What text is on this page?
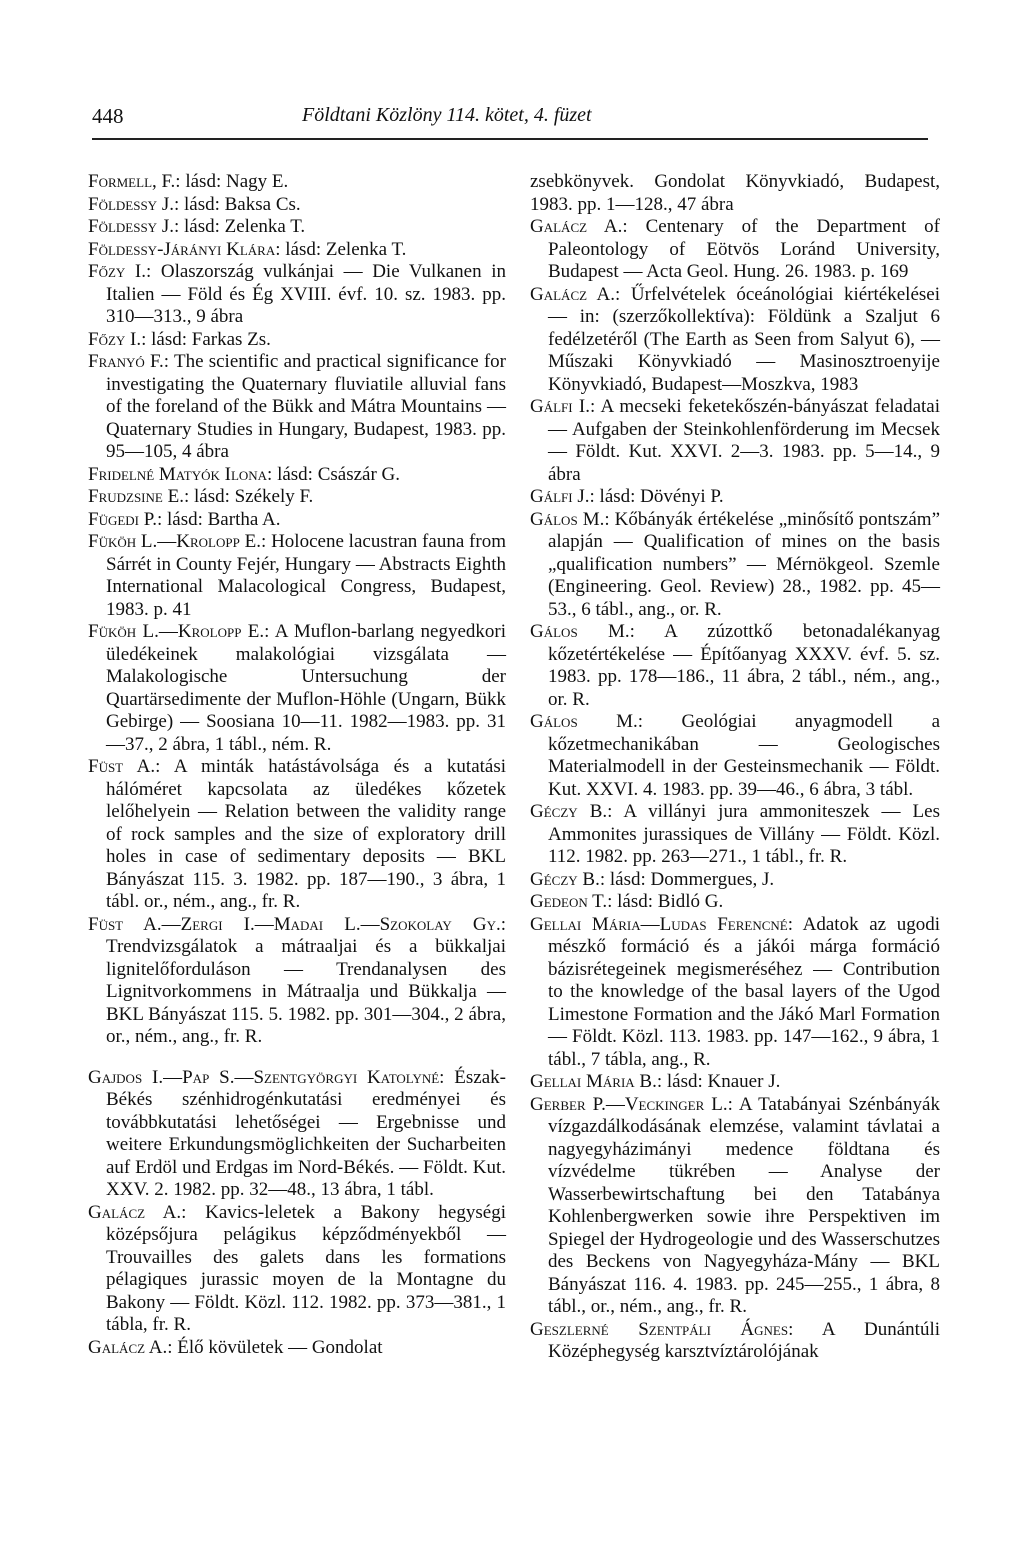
448	Földtani Közlöny 114. kötet, 4. füzet

Formell, F.: lásd: Nagy E.

Földessy J.: lásd: Baksa Cs.

Földessy J.: lásd: Zelenka T.

Földessy-Járányi Klára: lásd: Zelenka T.

Főzy I.: Olaszország vulkánjai — Die Vulkanen in Italien — Föld és Ég XVIII. évf. 10. sz. 1983. pp. 310—313., 9 ábra

Főzy I.: lásd: Farkas Zs.

Franyó F.: The scientific and practical significance for investigating the Quaternary fluviatile alluvial fans of the foreland of the Bükk and Mátra Mountains — Quaternary Studies in Hungary, Budapest, 1983. pp. 95—105, 4 ábra

Fridelné Matyók Ilona: lásd: Császár G.

Frudzsine E.: lásd: Székely F.

Fügedi P.: lásd: Bartha A.

Füköh L.—Krolopp E.: Holocene lacustran fauna from Sárrét in County Fejér, Hungary — Abstracts Eighth International Malacological Congress, Budapest, 1983. p. 41

Füköh L.—Krolopp E.: A Muflon-barlang negyedkori üledékeinek malakológiai vizsgálata — Malakologische Untersuchung der Quartärsedimente der Muflon-Höhle (Ungarn, Bükk Gebirge) — Soosiana 10—11. 1982—1983. pp. 31—37., 2 ábra, 1 tábl., ném. R.

Füst A.: A minták hatástávolsága és a kutatási hálóméret kapcsolata az üledékes kőzetek lelőhelyein — Relation between the validity range of rock samples and the size of exploratory drill holes in case of sedimentary deposits — BKL Bányászat 115. 3. 1982. pp. 187—190., 3 ábra, 1 tábl. or., ném., ang., fr. R.

Füst A.—Zergi I.—Madai L.—Szokolay Gy.: Trendvizsgálatok a mátraaljai és a bükkaljai lignitelőforduláson — Trendanalysen des Lignitvorkommens in Mátraalja und Bükkalja — BKL Bányászat 115. 5. 1982. pp. 301—304., 2 ábra, or., ném., ang., fr. R.

Gajdos I.—Pap S.—Szentgyörgyi Katolyné: Észak-Békés szénhidrogénkutatási eredményei és továbbkutatási lehetőségei — Ergebnisse und weitere Erkundungsmöglichkeiten der Sucharbeiten auf Erdöl und Erdgas im Nord-Békés. — Földt. Kut. XXV. 2. 1982. pp. 32—48., 13 ábra, 1 tábl.

Galácz A.: Kavics-leletek a Bakony hegységi középsőjura pelágikus képződményekből — Trouvailles des galets dans les formations pélagiques jurassic moyen de la Montagne du Bakony — Földt. Közl. 112. 1982. pp. 373—381., 1 tábla, fr. R.

Galácz A.: Élő kövületek — Gondolat

zsebkönyvek. Gondolat Könyvkiadó, Budapest, 1983. pp. 1—128., 47 ábra

Galácz A.: Centenary of the Department of Paleontology of Eötvös Loránd University, Budapest — Acta Geol. Hung. 26. 1983. p. 169

Galácz A.: Űrfelvételek óceánológiai kiértékelései — in: (szerzőkollektíva): Földünk a Szaljut 6 fedélzetéről (The Earth as Seen from Salyut 6), — Műszaki Könyvkiadó — Masinosztroenyije Könyvkiadó, Budapest—Moszkva, 1983

Gálfi I.: A mecseki feketekőszén-bányászat feladatai — Aufgaben der Steinkohlenförderung im Mecsek — Földt. Kut. XXVI. 2—3. 1983. pp. 5—14., 9 ábra

Gálfi J.: lásd: Dövényi P.

Gálos M.: Kőbányák értékelése „minősítő pontszám” alapján — Qualification of mines on the basis „qualification numbers” — Mérnökgeol. Szemle (Engineering. Geol. Review) 28., 1982. pp. 45—53., 6 tábl., ang., or. R.

Gálos M.: A zúzottkő betonadalékanyag kőzetértékelése — Építőanyag XXXV. évf. 5. sz. 1983. pp. 178—186., 11 ábra, 2 tábl., ném., ang., or. R.

Gálos M.: Geológiai anyagmodell a kőzetmechanikában — Geologisches Materialmodell in der Gesteinsmechanik — Földt. Kut. XXVI. 4. 1983. pp. 39—46., 6 ábra, 3 tábl.

Géczy B.: A villányi jura ammoniteszek — Les Ammonites jurassiques de Villány — Földt. Közl. 112. 1982. pp. 263—271., 1 tábl., fr. R.

Géczy B.: lásd: Dommergues, J.

Gedeon T.: lásd: Bidló G.

Gellai Mária—Ludas Ferencné: Adatok az ugodi mészkő formáció és a jákói márga formáció bázisrétegeinek megismeréséhez — Contribution to the knowledge of the basal layers of the Ugod Limestone Formation and the Jákó Marl Formation — Földt. Közl. 113. 1983. pp. 147—162., 9 ábra, 1 tábl., 7 tábla, ang., R.

Gellai Mária B.: lásd: Knauer J.

Gerber P.—Veckinger L.: A Tatabányai Szénbányák vízgazdálkodásának elemzése, valamint távlatai a nagyegyházimányi medence földtana és vízvédelme tükrében — Analyse der Wasserbewirtschaftung bei den Tatabánya Kohlenbergwerken sowie ihre Perspektiven im Spiegel der Hydrogeologie und des Wasserschutzes des Beckens von Nagyegyháza-Mány — BKL Bányászat 116. 4. 1983. pp. 245—255., 1 ábra, 8 tábl., or., ném., ang., fr. R.

Geszlerné Szentpáli Ágnes: A Dunántúli Középhegység karsztvíztárolójának
